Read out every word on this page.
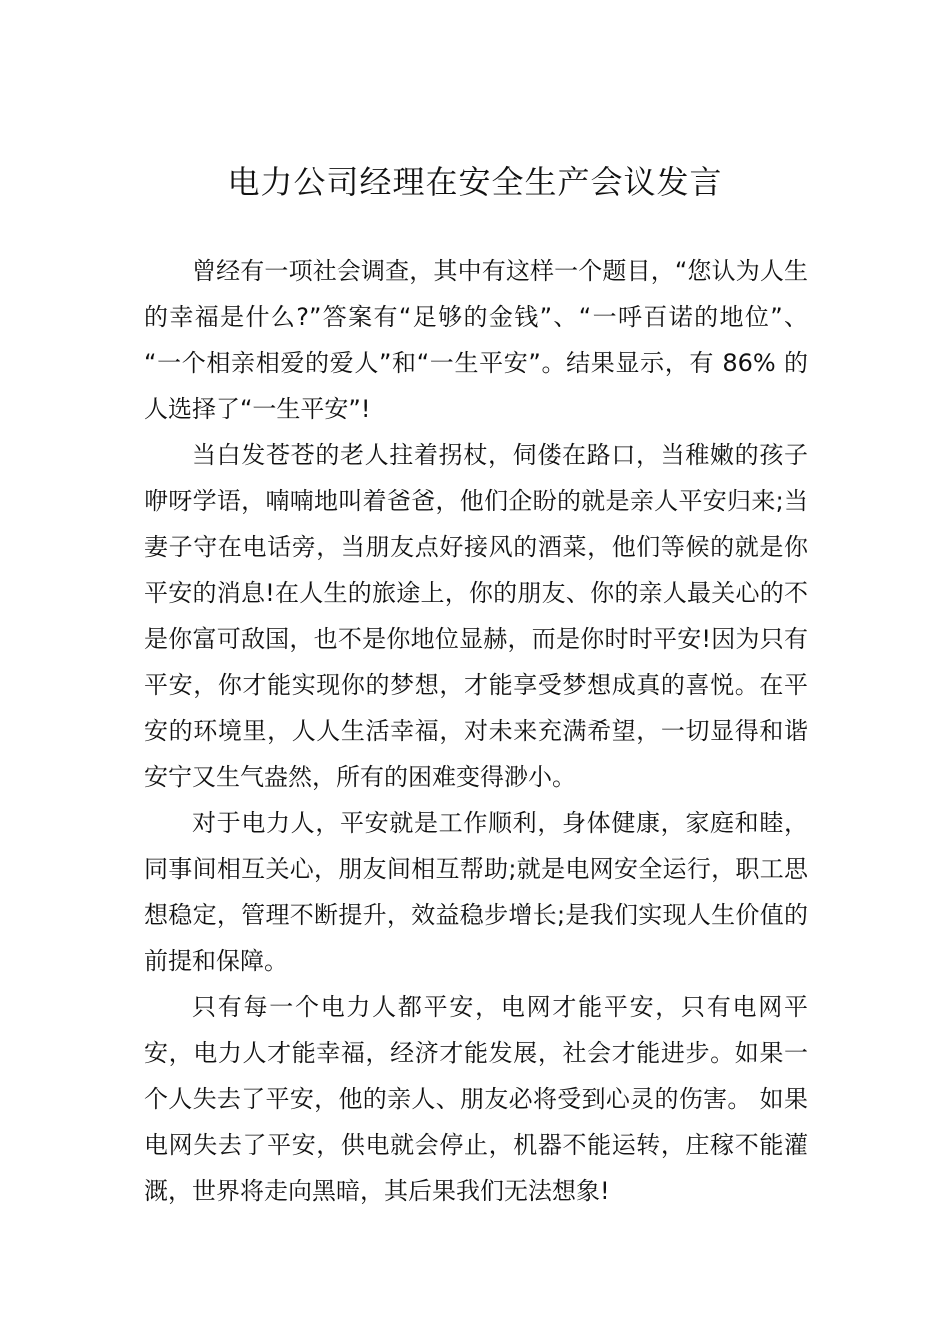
电力公司经理在安全生产会议发言

曾经有一项社会调查，其中有这样一个题目，“您认为人生的幸福是什么?”答案有“足够的金钱”、“一呼百诺的地位”、 “一个相亲相爱的爱人”和“一生平安”。结果显示，有 86% 的人选择了“一生平安”!

当白发苍苍的老人拄着拐杖，伺偻在路口，当稚嫩的孩子咿呀学语，喃喃地叫着爸爸，他们企盼的就是亲人平安归来;当妻子守在电话旁，当朋友点好接风的酒菜，他们等候的就是你平安的消息!在人生的旅途上，你的朋友、你的亲人最关心的不是你富可敌国，也不是你地位显赫，而是你时时平安!因为只有平安，你才能实现你的梦想，才能享受梦想成真的喜悦。在平安的环境里，人人生活幸福，对未来充满希望，一切显得和谐安宁又生气盎然，所有的困难变得渺小。

对于电力人，平安就是工作顺利，身体健康，家庭和睦，同事间相互关心，朋友间相互帮助;就是电网安全运行，职工思想稳定，管理不断提升，效益稳步增长;是我们实现人生价值的前提和保障。

只有每一个电力人都平安，电网才能平安，只有电网平安，电力人才能幸福，经济才能发展，社会才能进步。如果一个人失去了平安，他的亲人、朋友必将受到心灵的伤害。 如果电网失去了平安，供电就会停止，机器不能运转，庄稼不能灌溉，世界将走向黑暗，其后果我们无法想象!
